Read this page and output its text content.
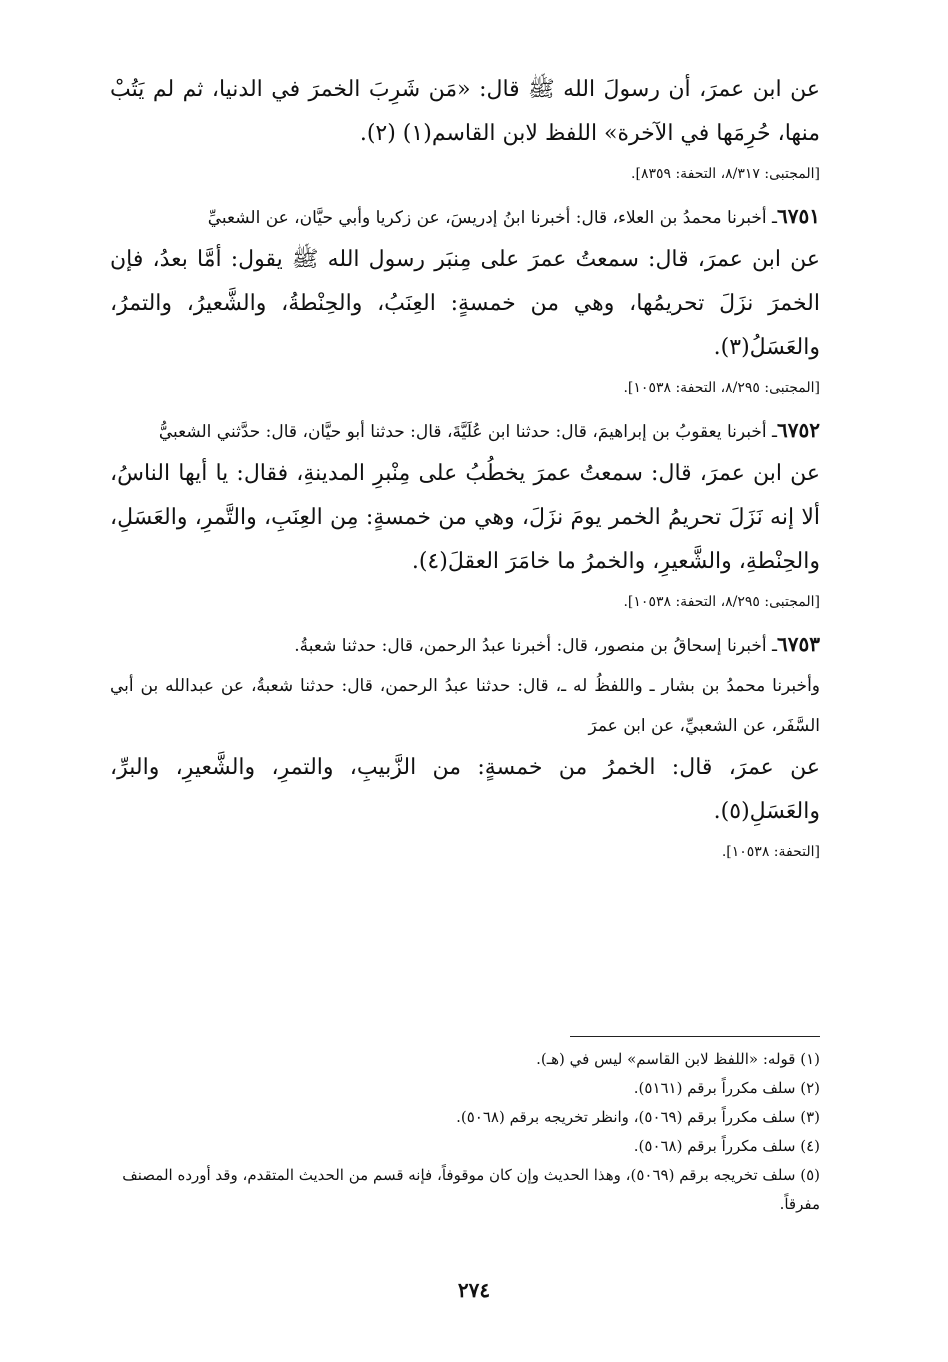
عن ابن عمرَ، أن رسولَ الله ﷺ قال: «مَن شَرِبَ الخمرَ في الدنيا، ثم لم يَتُبْ منها، حُرِمَها في الآخرة» اللفظ لابن القاسم(١) (٢).

[المجتبى: ٨/٣١٧، التحفة: ٨٣٥٩].

٦٧٥١ـ أخبرنا محمدُ بن العلاء، قال: أخبرنا ابنُ إدريسَ، عن زكريا وأبي حيَّان، عن الشعبيِّ

عن ابن عمرَ، قال: سمعتُ عمرَ على مِنبَر رسول الله ﷺ يقول: أمَّا بعدُ، فإن الخمرَ نزَلَ تحريمُها، وهي من خمسةٍ: العِنَبُ، والحِنْطةُ، والشَّعيرُ، والتمرُ، والعَسَلُ(٣).

[المجتبى: ٨/٢٩٥، التحفة: ١٠٥٣٨].

٦٧٥٢ـ أخبرنا يعقوبُ بن إبراهيمَ، قال: حدثنا ابن عُلَيَّةَ، قال: حدثنا أبو حيَّان، قال: حدَّثني الشعبيُّ

عن ابن عمرَ، قال: سمعتُ عمرَ يخطُبُ على مِنْبرِ المدينةِ، فقال: يا أيها الناسُ، ألا إنه نَزَلَ تحريمُ الخمر يومَ نزَلَ، وهي من خمسةٍ: مِن العِنَبِ، والتَّمرِ، والعَسَلِ، والحِنْطةِ، والشَّعيرِ، والخمرُ ما خامَرَ العقلَ(٤).

[المجتبى: ٨/٢٩٥، التحفة: ١٠٥٣٨].

٦٧٥٣ـ أخبرنا إسحاقُ بن منصور، قال: أخبرنا عبدُ الرحمن، قال: حدثنا شعبةُ.

وأخبرنا محمدُ بن بشار ـ واللفظُ له ـ، قال: حدثنا عبدُ الرحمن، قال: حدثنا شعبةُ، عن عبدالله بن أبي السَّفَر، عن الشعبيِّ، عن ابن عمرَ

عن عمرَ، قال: الخمرُ من خمسةٍ: من الزَّبيبِ، والتمرِ، والشَّعيرِ، والبرِّ، والعَسَلِ(٥).

[التحفة: ١٠٥٣٨].

(١) قوله: «اللفظ لابن القاسم» ليس في (هـ).

(٢) سلف مكرراً برقم (٥١٦١).

(٣) سلف مكرراً برقم (٥٠٦٩)، وانظر تخريجه برقم (٥٠٦٨).

(٤) سلف مكرراً برقم (٥٠٦٨).

(٥) سلف تخريجه برقم (٥٠٦٩)، وهذا الحديث وإن كان موقوفاً، فإنه قسم من الحديث المتقدم، وقد أورده المصنف مفرقاً.

٢٧٤
